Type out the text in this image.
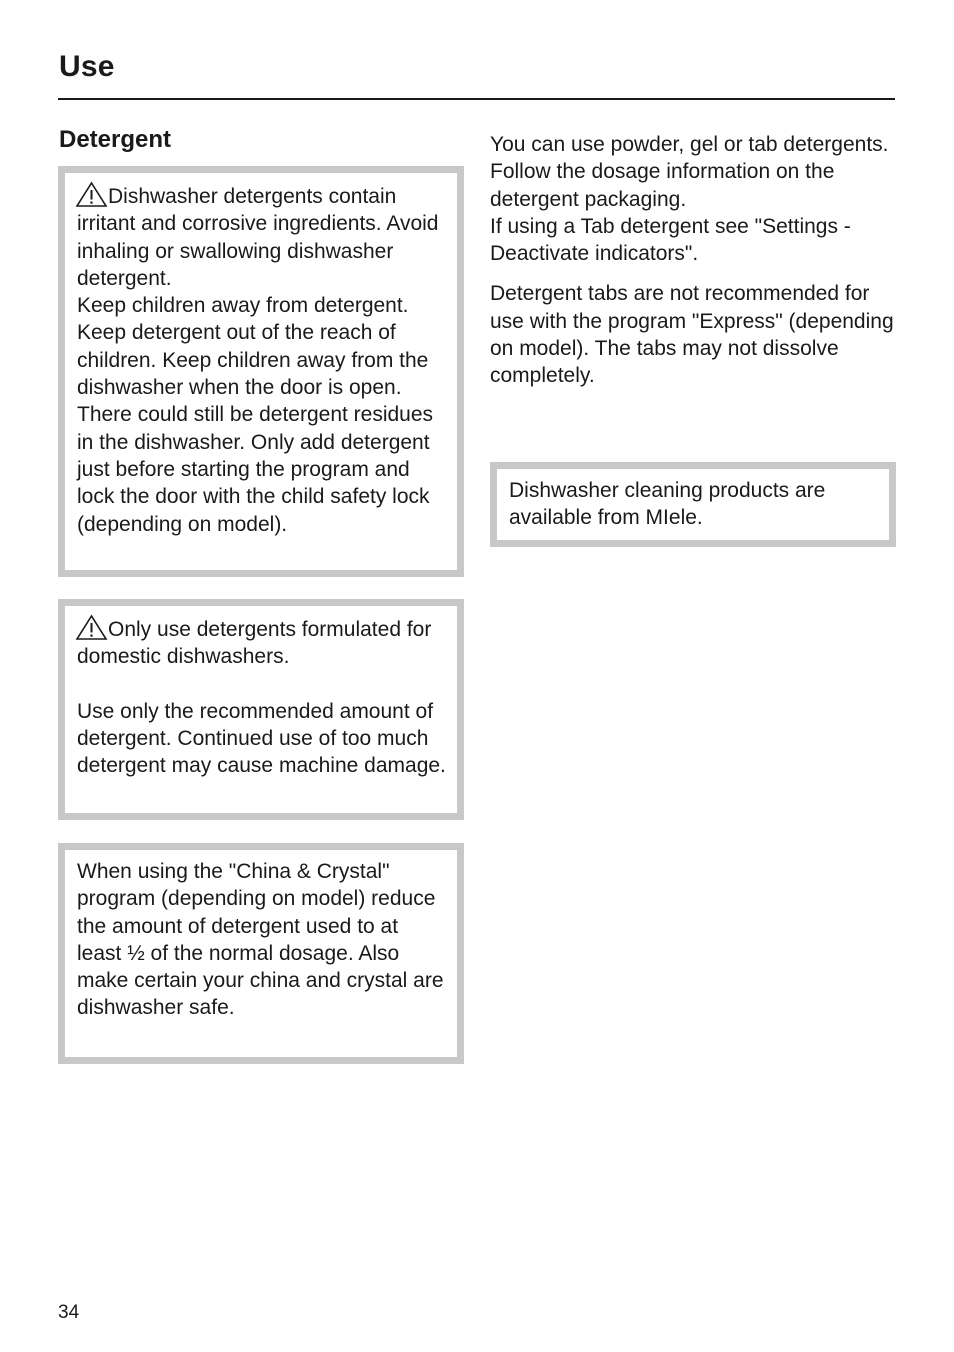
Use
Detergent

Dishwasher detergents contain irritant and corrosive ingredients. Avoid inhaling or swallowing dishwasher detergent.
Keep children away from detergent. Keep detergent out of the reach of children. Keep children away from the dishwasher when the door is open. There could still be detergent residues in the dishwasher. Only add detergent just before starting the program and lock the door with the child safety lock (depending on model).

Only use detergents formulated for domestic dishwashers.

Use only the recommended amount of detergent. Continued use of too much detergent may cause machine damage.

When using the "China & Crystal" program (depending on model) reduce the amount of detergent used to at least ½ of the normal dosage. Also make certain your china and crystal are dishwasher safe.

You can use powder, gel or tab detergents. Follow the dosage information on the detergent packaging.

If using a Tab detergent see "Settings - Deactivate indicators".

Detergent tabs are not recommended for use with the program "Express" (depending on model). The tabs may not dissolve completely.

Dishwasher cleaning products are available from MIele.

34
